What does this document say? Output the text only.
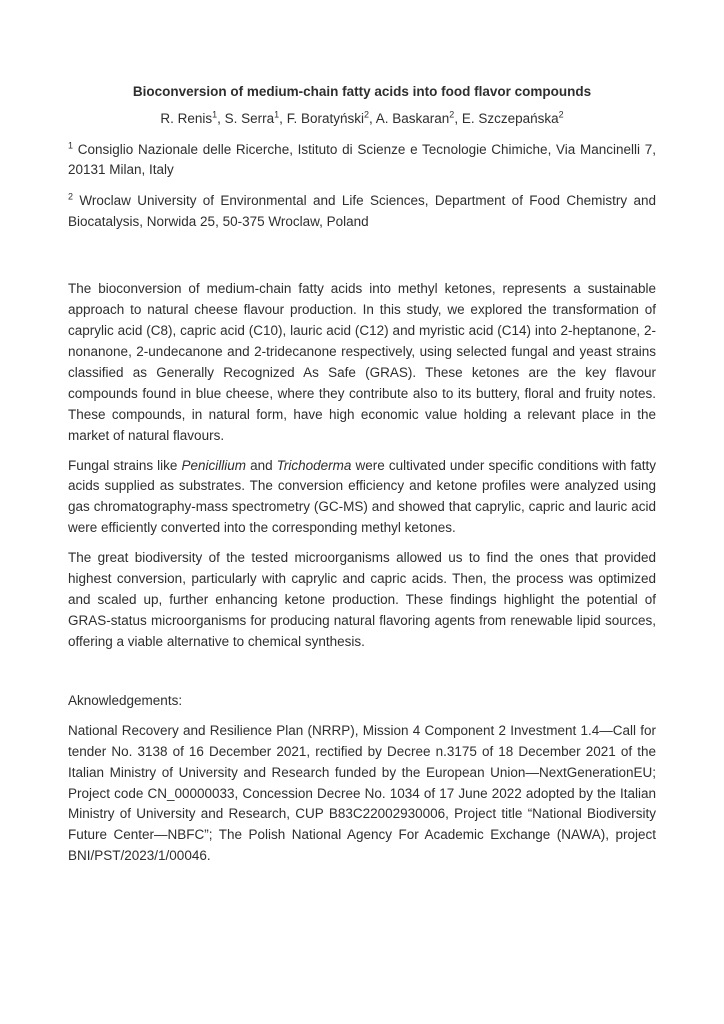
Bioconversion of medium-chain fatty acids into food flavor compounds

R. Renis$^1$, S. Serra$^1$, F. Boratyński$^2$, A. Baskaran$^2$, E. Szczepańska$^2$

$^1$ Consiglio Nazionale delle Ricerche, Istituto di Scienze e Tecnologie Chimiche, Via Mancinelli 7, 20131 Milan, Italy

$^2$ Wroclaw University of Environmental and Life Sciences, Department of Food Chemistry and Biocatalysis, Norwida 25, 50-375 Wroclaw, Poland

The bioconversion of medium-chain fatty acids into methyl ketones, represents a sustainable approach to natural cheese flavour production. In this study, we explored the transformation of caprylic acid (C8), capric acid (C10), lauric acid (C12) and myristic acid (C14) into 2-heptanone, 2-nonanone, 2-undecanone and 2-tridecanone respectively, using selected fungal and yeast strains classified as Generally Recognized As Safe (GRAS). These ketones are the key flavour compounds found in blue cheese, where they contribute also to its buttery, floral and fruity notes. These compounds, in natural form, have high economic value holding a relevant place in the market of natural flavours.

Fungal strains like Penicillium and Trichoderma were cultivated under specific conditions with fatty acids supplied as substrates. The conversion efficiency and ketone profiles were analyzed using gas chromatography-mass spectrometry (GC-MS) and showed that caprylic, capric and lauric acid were efficiently converted into the corresponding methyl ketones.

The great biodiversity of the tested microorganisms allowed us to find the ones that provided highest conversion, particularly with caprylic and capric acids. Then, the process was optimized and scaled up, further enhancing ketone production. These findings highlight the potential of GRAS-status microorganisms for producing natural flavoring agents from renewable lipid sources, offering a viable alternative to chemical synthesis.

Aknowledgements:

National Recovery and Resilience Plan (NRRP), Mission 4 Component 2 Investment 1.4—Call for tender No. 3138 of 16 December 2021, rectified by Decree n.3175 of 18 December 2021 of the Italian Ministry of University and Research funded by the European Union—NextGenerationEU; Project code CN_00000033, Concession Decree No. 1034 of 17 June 2022 adopted by the Italian Ministry of University and Research, CUP B83C22002930006, Project title “National Biodiversity Future Center—NBFC”; The Polish National Agency For Academic Exchange (NAWA), project BNI/PST/2023/1/00046.
